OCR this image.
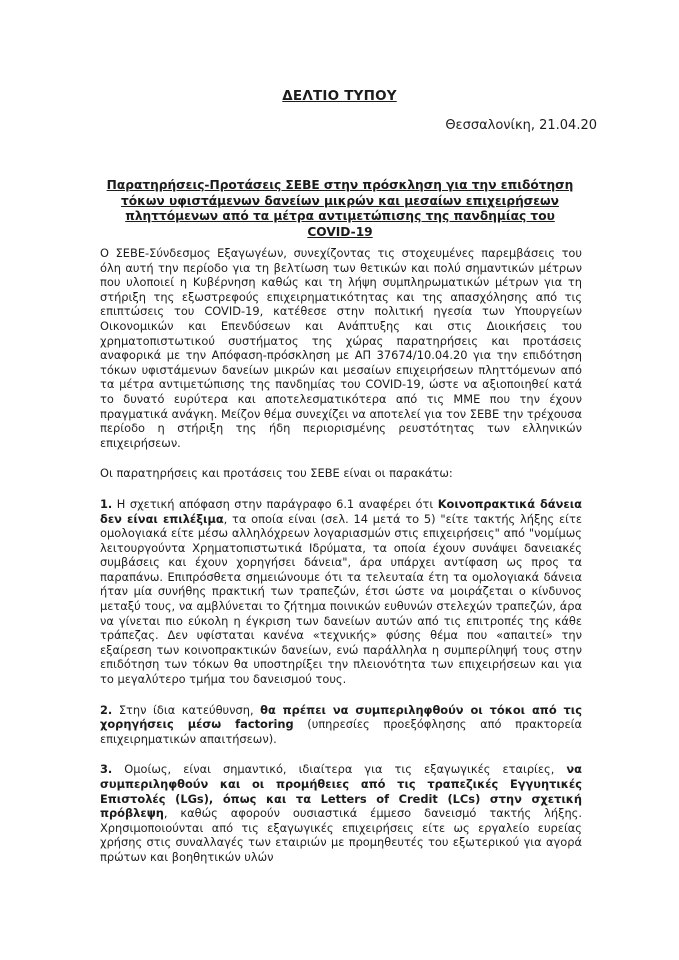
ΔΕΛΤΙΟ ΤΥΠΟΥ
Θεσσαλονίκη, 21.04.20
Παρατηρήσεις-Προτάσεις ΣΕΒΕ στην πρόσκληση για την επιδότηση τόκων υφιστάμενων δανείων μικρών και μεσαίων επιχειρήσεων πληττόμενων από τα μέτρα αντιμετώπισης της πανδημίας του COVID-19

Ο ΣΕΒΕ-Σύνδεσμος Εξαγωγέων, συνεχίζοντας τις στοχευμένες παρεμβάσεις του όλη αυτή την περίοδο για τη βελτίωση των θετικών και πολύ σημαντικών μέτρων που υλοποιεί η Κυβέρνηση καθώς και τη λήψη συμπληρωματικών μέτρων για τη στήριξη της εξωστρεφούς επιχειρηματικότητας και της απασχόλησης από τις επιπτώσεις του COVID-19, κατέθεσε στην πολιτική ηγεσία των Υπουργείων Οικονομικών και Επενδύσεων και Ανάπτυξης και στις Διοικήσεις του χρηματοπιστωτικού συστήματος της χώρας παρατηρήσεις και προτάσεις αναφορικά με την Απόφαση-πρόσκληση με ΑΠ 37674/10.04.20 για την επιδότηση τόκων υφιστάμενων δανείων μικρών και μεσαίων επιχειρήσεων πληττόμενων από τα μέτρα αντιμετώπισης της πανδημίας του COVID-19, ώστε να αξιοποιηθεί κατά το δυνατό ευρύτερα και αποτελεσματικότερα από τις ΜΜΕ που την έχουν πραγματικά ανάγκη. Μείζον θέμα συνεχίζει να αποτελεί για τον ΣΕΒΕ την τρέχουσα περίοδο η στήριξη της ήδη περιορισμένης ρευστότητας των ελληνικών επιχειρήσεων.

Οι παρατηρήσεις και προτάσεις του ΣΕΒΕ είναι οι παρακάτω:

1. Η σχετική απόφαση στην παράγραφο 6.1 αναφέρει ότι Κοινοπρακτικά δάνεια δεν είναι επιλέξιμα, τα οποία είναι (σελ. 14 μετά το 5) "είτε τακτής λήξης είτε ομολογιακά είτε μέσω αλληλόχρεων λογαριασμών στις επιχειρήσεις" από "νομίμως λειτουργούντα Χρηματοπιστωτικά Ιδρύματα, τα οποία έχουν συνάψει δανειακές συμβάσεις και έχουν χορηγήσει δάνεια", άρα υπάρχει αντίφαση ως προς τα παραπάνω. Επιπρόσθετα σημειώνουμε ότι τα τελευταία έτη τα ομολογιακά δάνεια ήταν μία συνήθης πρακτική των τραπεζών, έτσι ώστε να μοιράζεται ο κίνδυνος μεταξύ τους, να αμβλύνεται το ζήτημα ποινικών ευθυνών στελεχών τραπεζών, άρα να γίνεται πιο εύκολη η έγκριση των δανείων αυτών από τις επιτροπές της κάθε τράπεζας. Δεν υφίσταται κανένα «τεχνικής» φύσης θέμα που «απαιτεί» την εξαίρεση των κοινοπρακτικών δανείων, ενώ παράλληλα η συμπερίληψή τους στην επιδότηση των τόκων θα υποστηρίξει την πλειονότητα των επιχειρήσεων και για το μεγαλύτερο τμήμα του δανεισμού τους.

2. Στην ίδια κατεύθυνση, θα πρέπει να συμπεριληφθούν οι τόκοι από τις χορηγήσεις μέσω factoring (υπηρεσίες προεξόφλησης από πρακτορεία επιχειρηματικών απαιτήσεων).

3. Ομοίως, είναι σημαντικό, ιδιαίτερα για τις εξαγωγικές εταιρίες, να συμπεριληφθούν και οι προμήθειες από τις τραπεζικές Εγγυητικές Επιστολές (LGs), όπως και τα Letters of Credit (LCs) στην σχετική πρόβλεψη, καθώς αφορούν ουσιαστικά έμμεσο δανεισμό τακτής λήξης. Χρησιμοποιούνται από τις εξαγωγικές επιχειρήσεις είτε ως εργαλείο ευρείας χρήσης στις συναλλαγές των εταιριών με προμηθευτές του εξωτερικού για αγορά πρώτων και βοηθητικών υλών
